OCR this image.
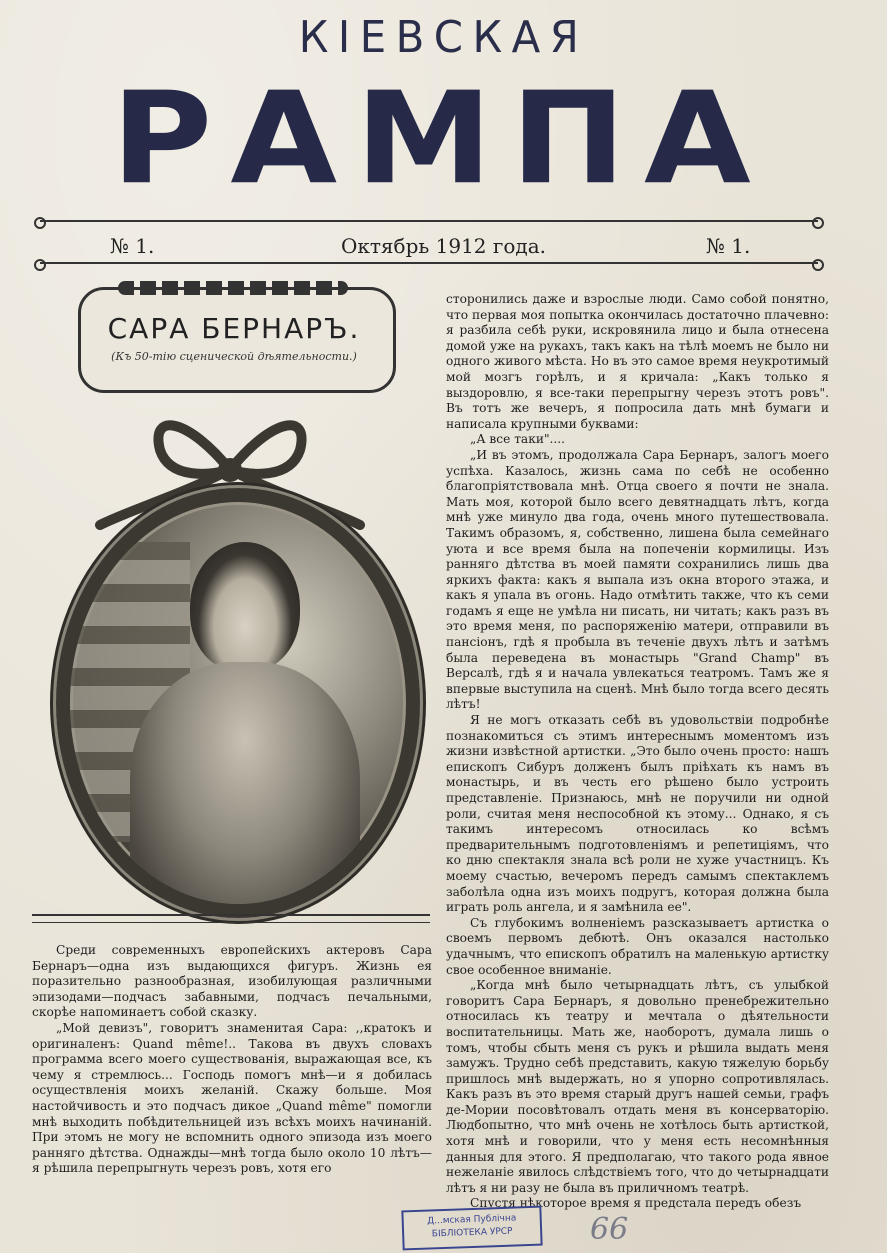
КІЕВСКАЯ
РАМПА
№ 1.	Октябрь 1912 года.	№ 1.
САРА БЕРНАРЪ.
(Къ 50-тію сценической дѣятельности.)

Среди современныхъ европейскихъ актеровъ Сара Бернаръ—одна изъ выдающихся фигуръ. Жизнь ея поразительно разнообразная, изобилующая различными эпизодами—подчасъ забавными, подчасъ печальными, скорѣе напоминаетъ собой сказку.

„Мой девизъ", говоритъ знаменитая Сара: ,,кратокъ и оригиналенъ: Quand même!.. Такова въ двухъ словахъ программа всего моего существованія, выражающая все, къ чему я стремлюсь... Господь помогъ мнѣ—и я добилась осуществленія моихъ желаній. Скажу больше. Моя настойчивость и это подчасъ дикое „Quand même" помогли мнѣ выходить побѣдительницей изъ всѣхъ моихъ начинаній. При этомъ не могу не вспомнить одного эпизода изъ моего ранняго дѣтства. Однажды—мнѣ тогда было около 10 лѣтъ—я рѣшила перепрыгнуть черезъ ровъ, хотя его

сторонились даже и взрослые люди. Само собой понятно, что первая моя попытка окончилась достаточно плачевно: я разбила себѣ руки, искровянила лицо и была отнесена домой уже на рукахъ, такъ какъ на тѣлѣ моемъ не было ни одного живого мѣста. Но въ это самое время неукротимый мой мозгъ горѣлъ, и я кричала: „Какъ только я выздоровлю, я все-таки перепрыгну черезъ этотъ ровъ". Въ тотъ же вечеръ, я попросила дать мнѣ бумаги и написала крупными буквами:

„А все таки"....

„И въ этомъ, продолжала Сара Бернаръ, залогъ моего успѣха. Казалось, жизнь сама по себѣ не особенно благопріятствовала мнѣ. Отца своего я почти не знала. Мать моя, которой было всего девятнадцать лѣтъ, когда мнѣ уже минуло два года, очень много путешествовала. Такимъ образомъ, я, собственно, лишена была семейнаго уюта и все время была на попеченіи кормилицы. Изъ ранняго дѣтства въ моей памяти сохранились лишь два яркихъ факта: какъ я выпала изъ окна второго этажа, и какъ я упала въ огонь. Надо отмѣтить также, что къ семи годамъ я еще не умѣла ни писать, ни читать; какъ разъ въ это время меня, по распоряженію матери, отправили въ пансіонъ, гдѣ я пробыла въ теченіе двухъ лѣтъ и затѣмъ была переведена въ монастырь "Grand Champ" въ Версалѣ, гдѣ я и начала увлекаться театромъ. Тамъ же я впервые выступила на сценѣ. Мнѣ было тогда всего десять лѣтъ!

Я не могъ отказать себѣ въ удовольствіи подробнѣе познакомиться съ этимъ интереснымъ моментомъ изъ жизни извѣстной артистки. „Это было очень просто: нашъ епископъ Сибуръ долженъ былъ пріѣхать къ намъ въ монастырь, и въ честь его рѣшено было устроить представленіе. Признаюсь, мнѣ не поручили ни одной роли, считая меня неспособной къ этому... Однако, я съ такимъ интересомъ относилась ко всѣмъ предварительнымъ подготовленіямъ и репетиціямъ, что ко дню спектакля знала всѣ роли не хуже участницъ. Къ моему счастью, вечеромъ передъ самымъ спектаклемъ заболѣла одна изъ моихъ подругъ, которая должна была играть роль ангела, и я замѣнила ее".

Съ глубокимъ волненіемъ разсказываетъ артистка о своемъ первомъ дебютѣ. Онъ оказался настолько удачнымъ, что епископъ обратилъ на маленькую артистку свое особенное вниманіе.

„Когда мнѣ было четырнадцать лѣтъ, съ улыбкой говоритъ Сара Бернаръ, я довольно пренебрежительно относилась къ театру и мечтала о дѣятельности воспитательницы. Мать же, наоборотъ, думала лишь о томъ, чтобы сбыть меня съ рукъ и рѣшила выдать меня замужъ. Трудно себѣ представить, какую тяжелую борьбу пришлось мнѣ выдержать, но я упорно сопротивлялась. Какъ разъ въ это время старый другъ нашей семьи, графъ де-Мории посовѣтовалъ отдать меня въ консерваторію. Людбопытно, что мнѣ очень не хотѣлось быть артисткой, хотя мнѣ и говорили, что у меня есть несомнѣнныя данныя для этого. Я предполагаю, что такого рода явное нежеланіе явилось слѣдствіемъ того, что до четырнадцати лѣтъ я ни разу не была въ приличномъ театрѣ.

Спустя нѣкоторое время я предстала передъ обезъ

Д...мская Публічна
БІБЛІОТЕКА УРСР	66
